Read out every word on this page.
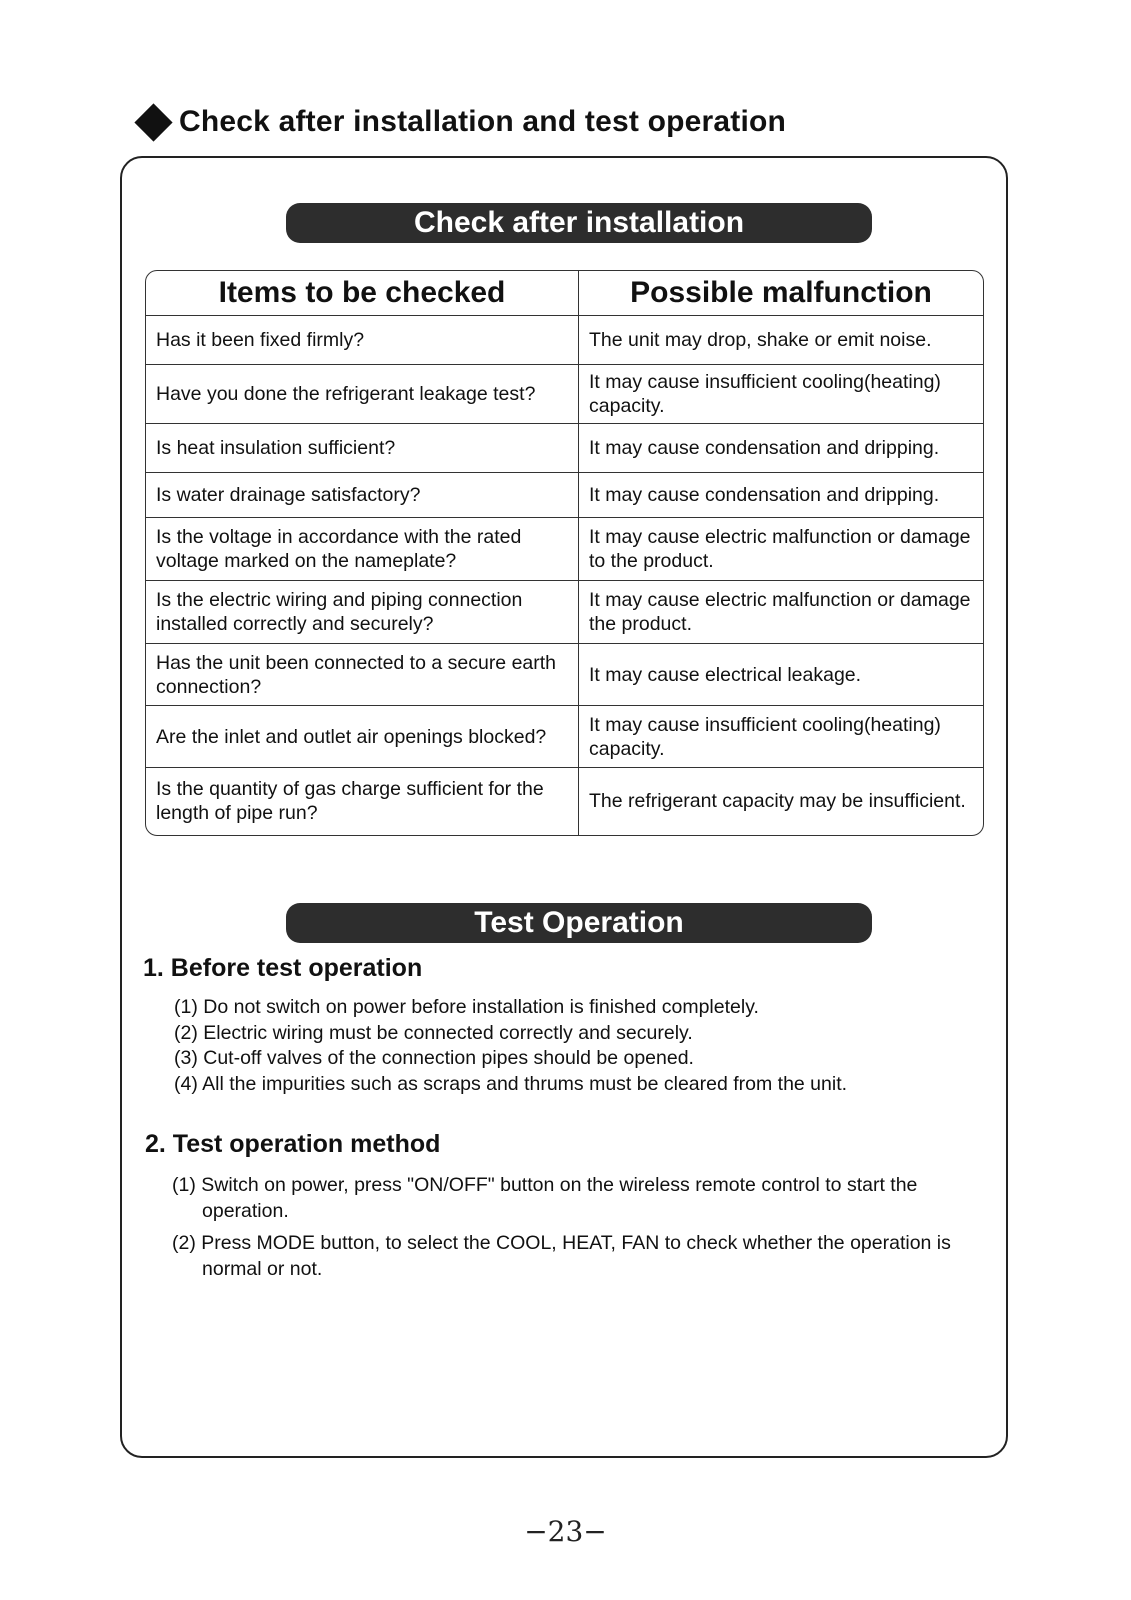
Check after installation and test operation
Check after installation
Items to be checked	Possible malfunction
Has it been fixed firmly?	The unit may drop, shake or emit noise.
Have you done the refrigerant leakage test?	It may cause insufficient cooling(heating) capacity.
Is heat insulation sufficient?	It may cause condensation and dripping.
Is water drainage satisfactory?	It may cause condensation and dripping.
Is the voltage in accordance with the rated voltage marked on the nameplate?	It may cause electric malfunction or damage to the product.
Is the electric wiring and piping connection installed correctly and securely?	It may cause electric malfunction or damage the product.
Has the unit been connected to a secure earth connection?	It may cause electrical leakage.
Are the inlet and outlet air openings blocked?	It may cause insufficient cooling(heating) capacity.
Is the quantity of gas charge sufficient for the length of pipe run?	The refrigerant capacity may be insufficient.
Test Operation
1. Before test operation
(1) Do not switch on power before installation is finished completely.
(2) Electric wiring must be connected correctly and securely.
(3) Cut-off valves of the connection pipes should be opened.
(4) All the impurities such as scraps and thrums must be cleared from the unit.
2. Test operation method
(1) Switch on power, press "ON/OFF" button on the wireless remote control to start the operation.
(2) Press MODE button, to select the COOL, HEAT, FAN to check whether the operation is normal or not.
−23−
